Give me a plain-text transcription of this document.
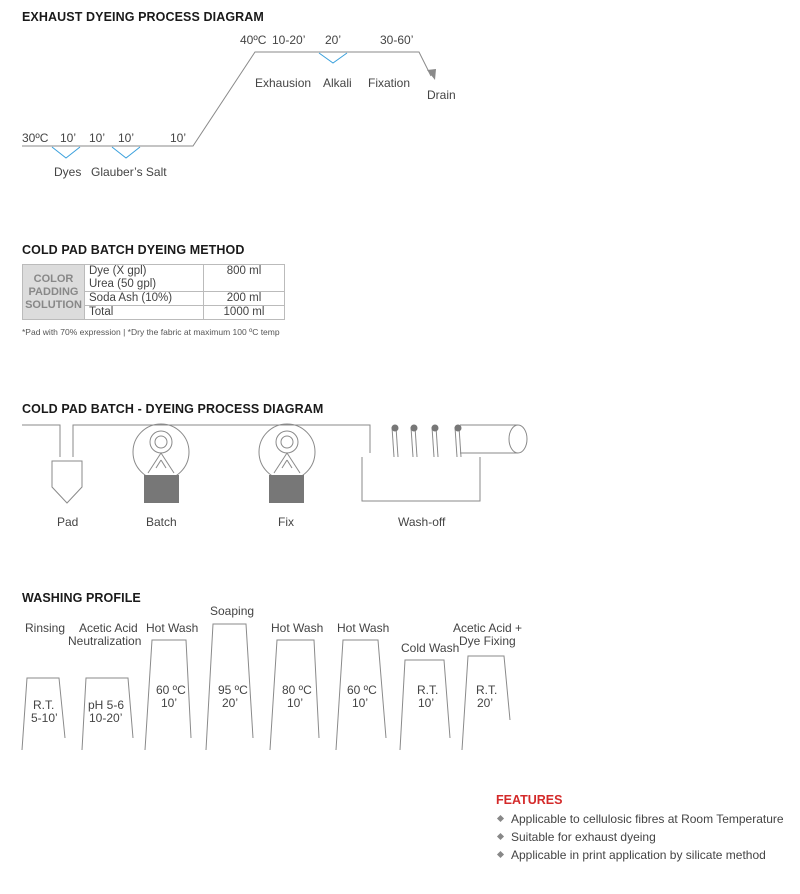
EXHAUST DYEING PROCESS DIAGRAM
30ºC 10’ 10’ 10’	10’
Dyes Glauber’s Salt
40ºC 10-20’ 20’	30-60’
Exhausion Alkali Fixation
Drain
COLD PAD BATCH DYEING METHOD
COLOR
PADDING
SOLUTION	Dye (X gpl)
Urea (50 gpl)	800 ml
	Soda Ash (10%)	200 ml
	Total	1000 ml
*Pad with 70% expression | *Dry the fabric at maximum 100 ºC temp
COLD PAD BATCH - DYEING PROCESS DIAGRAM
Pad	Batch	Fix	Wash-off
WASHING PROFILE
Rinsing Acetic Acid
Neutralization
Hot Wash
Soaping
Hot Wash Hot Wash
Cold Wash
Acetic Acid +
Dye Fixing
R.T.
5-10’
pH 5-6
10-20’
60 ºC
10’
95 ºC
20’
80 ºC
10’
60 ºC
10’
R.T.
10’
R.T.
20’
FEATURES
Applicable to cellulosic fibres at Room Temperature
Suitable for exhaust dyeing
Applicable in print application by silicate method
